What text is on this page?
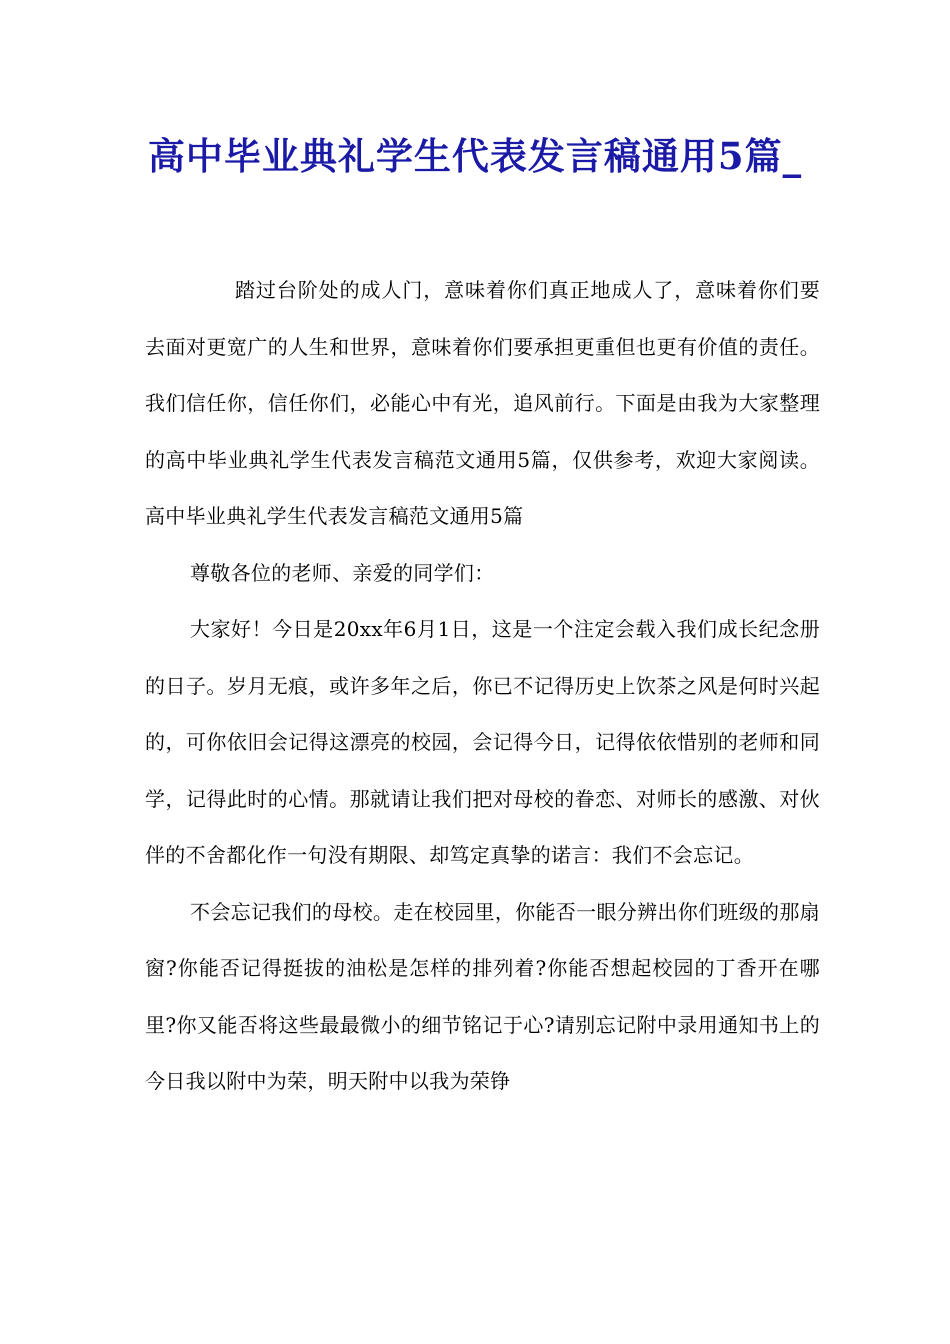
高中毕业典礼学生代表发言稿通用5篇_

踏过台阶处的成人门，意味着你们真正地成人了，意味着你们要去面对更宽广的人生和世界，意味着你们要承担更重但也更有价值的责任。我们信任你，信任你们，必能心中有光，追风前行。下面是由我为大家整理的高中毕业典礼学生代表发言稿范文通用5篇，仅供参考，欢迎大家阅读。高中毕业典礼学生代表发言稿范文通用5篇

尊敬各位的老师、亲爱的同学们：

大家好！今日是20xx年6月1日，这是一个注定会载入我们成长纪念册的日子。岁月无痕，或许多年之后，你已不记得历史上饮茶之风是何时兴起的，可你依旧会记得这漂亮的校园，会记得今日，记得依依惜别的老师和同学，记得此时的心情。那就请让我们把对母校的眷恋、对师长的感激、对伙伴的不舍都化作一句没有期限、却笃定真挚的诺言：我们不会忘记。

不会忘记我们的母校。走在校园里，你能否一眼分辨出你们班级的那扇窗?你能否记得挺拔的油松是怎样的排列着?你能否想起校园的丁香开在哪里?你又能否将这些最最微小的细节铭记于心?请别忘记附中录用通知书上的今日我以附中为荣，明天附中以我为荣铮
